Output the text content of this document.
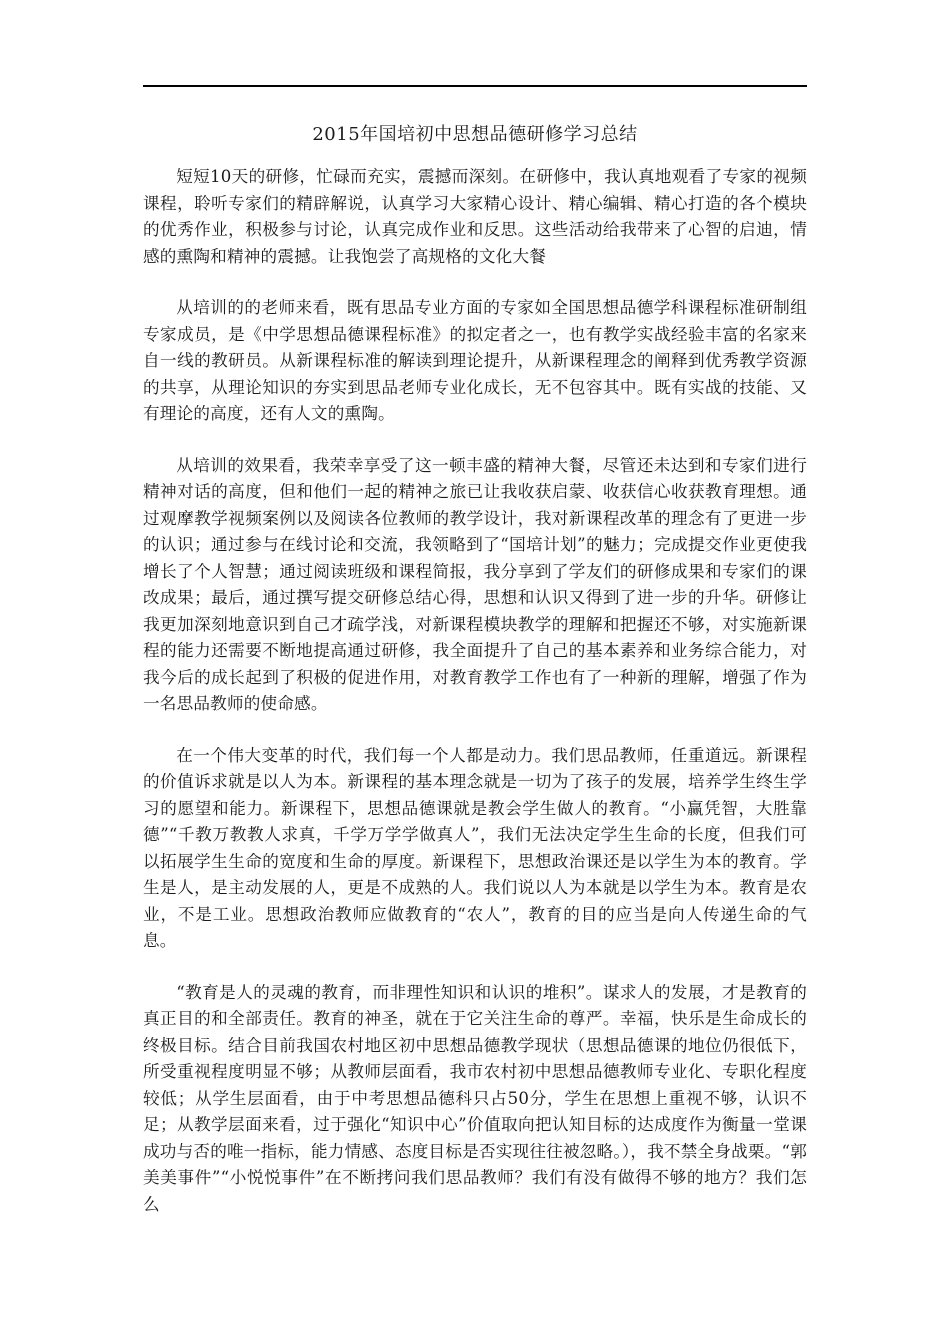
2015年国培初中思想品德研修学习总结

短短10天的研修，忙碌而充实，震撼而深刻。在研修中，我认真地观看了专家的视频课程，聆听专家们的精辟解说，认真学习大家精心设计、精心编辑、精心打造的各个模块的优秀作业，积极参与讨论，认真完成作业和反思。这些活动给我带来了心智的启迪，情感的熏陶和精神的震撼。让我饱尝了高规格的文化大餐

从培训的的老师来看，既有思品专业方面的专家如全国思想品德学科课程标准研制组专家成员，是《中学思想品德课程标准》的拟定者之一，也有教学实战经验丰富的名家来自一线的教研员。从新课程标准的解读到理论提升，从新课程理念的阐释到优秀教学资源的共享，从理论知识的夯实到思品老师专业化成长，无不包容其中。既有实战的技能、又有理论的高度，还有人文的熏陶。

从培训的效果看，我荣幸享受了这一顿丰盛的精神大餐，尽管还未达到和专家们进行精神对话的高度，但和他们一起的精神之旅已让我收获启蒙、收获信心收获教育理想。通过观摩教学视频案例以及阅读各位教师的教学设计，我对新课程改革的理念有了更进一步的认识；通过参与在线讨论和交流，我领略到了“国培计划”的魅力；完成提交作业更使我增长了个人智慧；通过阅读班级和课程简报，我分享到了学友们的研修成果和专家们的课改成果；最后，通过撰写提交研修总结心得，思想和认识又得到了进一步的升华。研修让我更加深刻地意识到自己才疏学浅，对新课程模块教学的理解和把握还不够，对实施新课程的能力还需要不断地提高通过研修，我全面提升了自己的基本素养和业务综合能力，对我今后的成长起到了积极的促进作用，对教育教学工作也有了一种新的理解，增强了作为一名思品教师的使命感。

在一个伟大变革的时代，我们每一个人都是动力。我们思品教师，任重道远。新课程的价值诉求就是以人为本。新课程的基本理念就是一切为了孩子的发展，培养学生终生学习的愿望和能力。新课程下，思想品德课就是教会学生做人的教育。“小赢凭智，大胜靠德”“千教万教教人求真，千学万学学做真人”，我们无法决定学生生命的长度，但我们可以拓展学生生命的宽度和生命的厚度。新课程下，思想政治课还是以学生为本的教育。学生是人，是主动发展的人，更是不成熟的人。我们说以人为本就是以学生为本。教育是农业，不是工业。思想政治教师应做教育的“农人”，教育的目的应当是向人传递生命的气息。

“教育是人的灵魂的教育，而非理性知识和认识的堆积”。谋求人的发展，才是教育的真正目的和全部责任。教育的神圣，就在于它关注生命的尊严。幸福，快乐是生命成长的终极目标。结合目前我国农村地区初中思想品德教学现状（思想品德课的地位仍很低下，所受重视程度明显不够；从教师层面看，我市农村初中思想品德教师专业化、专职化程度较低；从学生层面看，由于中考思想品德科只占50分，学生在思想上重视不够，认识不足；从教学层面来看，过于强化“知识中心”价值取向把认知目标的达成度作为衡量一堂课成功与否的唯一指标，能力情感、态度目标是否实现往往被忽略。），我不禁全身战栗。“郭美美事件”“小悦悦事件”在不断拷问我们思品教师？我们有没有做得不够的地方？我们怎么
